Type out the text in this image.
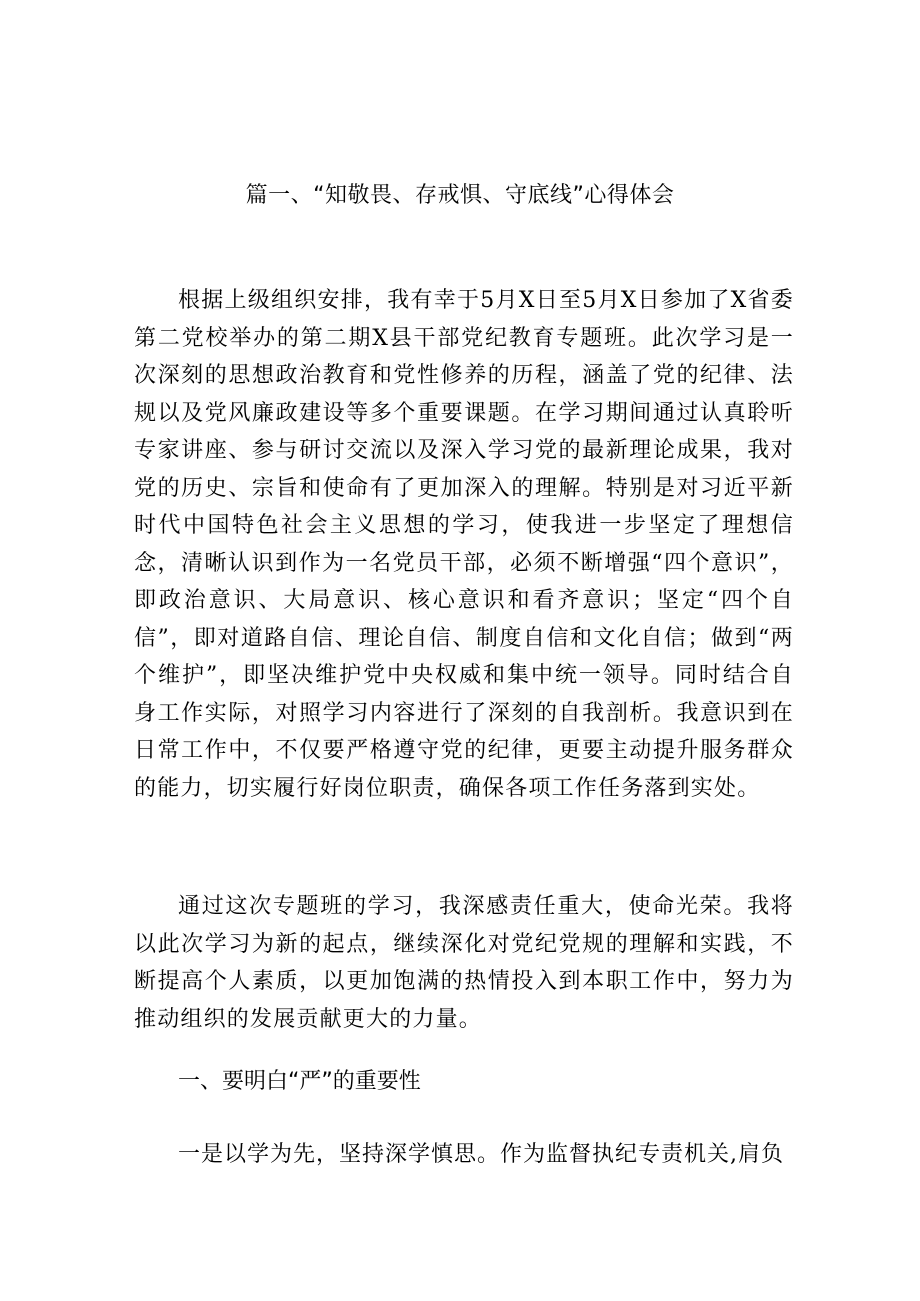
篇一、“知敬畏、存戒惧、守底线”心得体会

根据上级组织安排，我有幸于5月X日至5月X日参加了X省委第二党校举办的第二期X县干部党纪教育专题班。此次学习是一次深刻的思想政治教育和党性修养的历程，涵盖了党的纪律、法规以及党风廉政建设等多个重要课题。在学习期间通过认真聆听专家讲座、参与研讨交流以及深入学习党的最新理论成果，我对党的历史、宗旨和使命有了更加深入的理解。特别是对习近平新时代中国特色社会主义思想的学习，使我进一步坚定了理想信念，清晰认识到作为一名党员干部，必须不断增强“四个意识”，即政治意识、大局意识、核心意识和看齐意识；坚定“四个自信”，即对道路自信、理论自信、制度自信和文化自信；做到“两个维护”，即坚决维护党中央权威和集中统一领导。同时结合自身工作实际，对照学习内容进行了深刻的自我剖析。我意识到在日常工作中，不仅要严格遵守党的纪律，更要主动提升服务群众的能力，切实履行好岗位职责，确保各项工作任务落到实处。

通过这次专题班的学习，我深感责任重大，使命光荣。我将以此次学习为新的起点，继续深化对党纪党规的理解和实践，不断提高个人素质，以更加饱满的热情投入到本职工作中，努力为推动组织的发展贡献更大的力量。

一、要明白“严”的重要性
一是以学为先，坚持深学慎思。作为监督执纪专责机关,肩负
